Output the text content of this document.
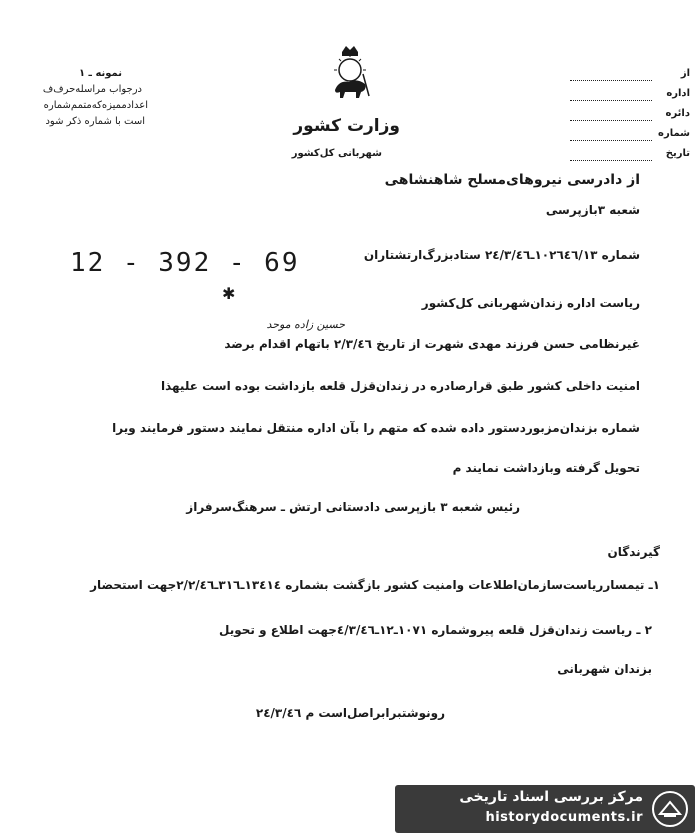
نمونه ـ ١
درجواب مراسله‌حرف‌ف
اعدادممیزه‌که‌متمم‌شماره
است با شماره ذکر شود	وزارت کشور
شهربانی کل‌کشور
از
اداره
دائره
شماره
تاریخ
از دادرسی نیروهای‌مسلح شاهنشاهی
شعبه ٣بازپرسی
12 - 392 - 69	شماره ١٠٢٦٤٦/١٣ـ٢٤/٣/٤٦ ستادبزرگ‌ارتشتاران
✱	ریاست اداره زندان‌شهربانی کل‌کشور
حسین زاده موحد
غیرنظامی حسن فرزند مهدی شهرت از تاریخ ٢/٣/٤٦ باتهام اقدام برضد
امنیت داخلی کشور طبق قرارصادره در زندان‌قزل قلعه بازداشت بوده است علیهذا
شماره بزندان‌مزبوردستور داده شده که متهم را بآن اداره منتقل نمایند دستور فرمایند ویرا
تحویل گرفته وبازداشت نمایند م
رئیس شعبه ٣ بازپرسی دادستانی ارتش ـ سرهنگ‌سرفراز
گیرندگان
١ـ تیمسارریاست‌سازمان‌اطلاعات وامنیت کشور بازگشت بشماره ١٣٤١٤ـ٣١٦ـ٢/٢/٤٦جهت استحضار
٢ ـ ریاست زندان‌قزل قلعه پیروشماره ١٠٧١ـ١٢ـ٤/٣/٤٦جهت اطلاع و تحویل
بزندان شهربانی
رونوشتبرابراصل‌است م ٢٤/٣/٤٦
مرکز بررسی اسناد تاریخی
historydocuments.ir
